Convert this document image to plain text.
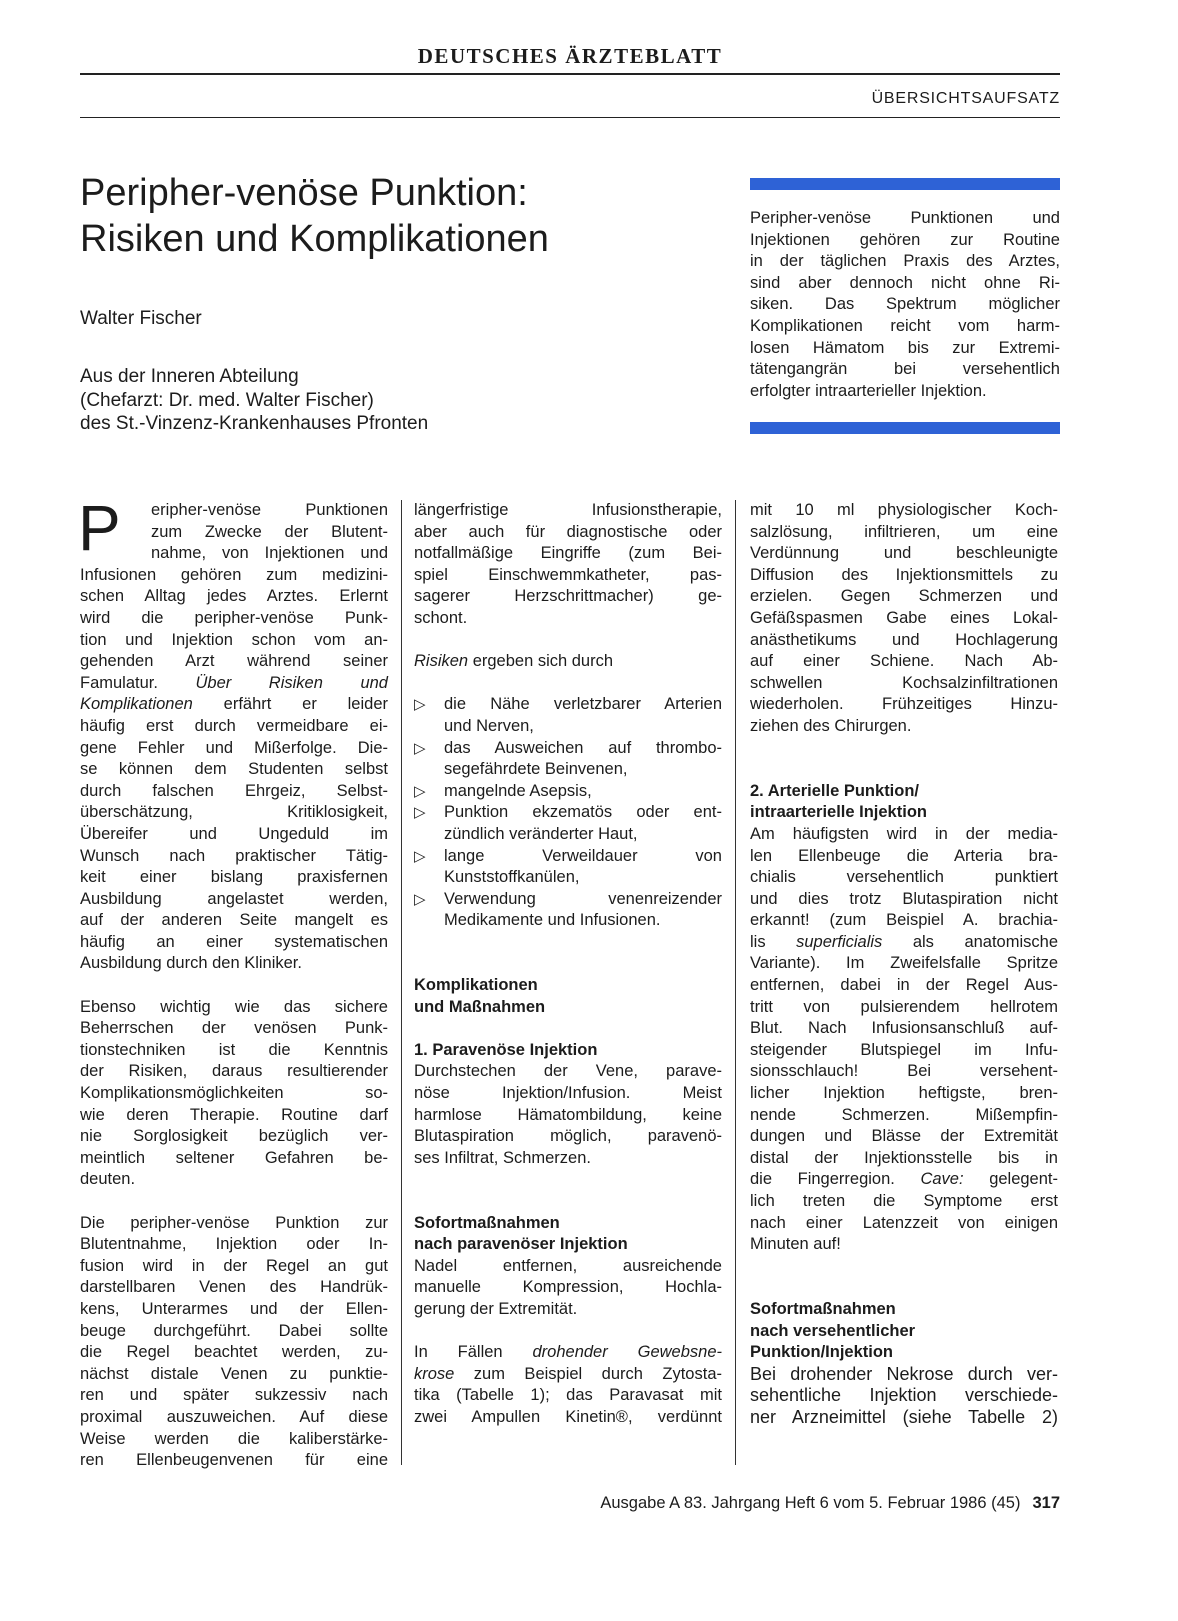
DEUTSCHES ÄRZTEBLATT
ÜBERSICHTSAUFSATZ
Peripher-venöse Punktion:
Risiken und Komplikationen
Walter Fischer
Aus der Inneren Abteilung
(Chefarzt: Dr. med. Walter Fischer)
des St.-Vinzenz-Krankenhauses Pfronten
Peripher-venöse Punktionen und
Injektionen gehören zur Routine
in der täglichen Praxis des Arztes,
sind aber dennoch nicht ohne Ri-
siken. Das Spektrum möglicher
Komplikationen reicht vom harm-
losen Hämatom bis zur Extremi-
tätengangrän bei versehentlich
erfolgter intraarterieller Injektion.
P	eripher-venöse Punktionen
zum Zwecke der Blutent-
nahme, von Injektionen und
Infusionen gehören zum medizini-
schen Alltag jedes Arztes. Erlernt
wird die peripher-venöse Punk-
tion und Injektion schon vom an-
gehenden Arzt während seiner
Famulatur. Über Risiken und
Komplikationen erfährt er leider
häufig erst durch vermeidbare ei-
gene Fehler und Mißerfolge. Die-
se können dem Studenten selbst
durch falschen Ehrgeiz, Selbst-
überschätzung, Kritiklosigkeit,
Übereifer und Ungeduld im
Wunsch nach praktischer Tätig-
keit einer bislang praxisfernen
Ausbildung angelastet werden,
auf der anderen Seite mangelt es
häufig an einer systematischen
Ausbildung durch den Kliniker.
Ebenso wichtig wie das sichere
Beherrschen der venösen Punk-
tionstechniken ist die Kenntnis
der Risiken, daraus resultierender
Komplikationsmöglichkeiten so-
wie deren Therapie. Routine darf
nie Sorglosigkeit bezüglich ver-
meintlich seltener Gefahren be-
deuten.
Die peripher-venöse Punktion zur
Blutentnahme, Injektion oder In-
fusion wird in der Regel an gut
darstellbaren Venen des Handrük-
kens, Unterarmes und der Ellen-
beuge durchgeführt. Dabei sollte
die Regel beachtet werden, zu-
nächst distale Venen zu punktie-
ren und später sukzessiv nach
proximal auszuweichen. Auf diese
Weise werden die kaliberstärke-
ren Ellenbeugenvenen für eine
längerfristige Infusionstherapie,
aber auch für diagnostische oder
notfallmäßige Eingriffe (zum Bei-
spiel Einschwemmkatheter, pas-
sagerer Herzschrittmacher) ge-
schont.
Risiken ergeben sich durch
▷ die Nähe verletzbarer Arterien
und Nerven,
▷ das Ausweichen auf thrombo-
segefährdete Beinvenen,
▷ mangelnde Asepsis,
▷ Punktion ekzematös oder ent-
zündlich veränderter Haut,
▷ lange Verweildauer von
Kunststoffkanülen,
▷ Verwendung venenreizender
Medikamente und Infusionen.
Komplikationen
und Maßnahmen
1. Paravenöse Injektion
Durchstechen der Vene, parave-
nöse Injektion/Infusion. Meist
harmlose Hämatombildung, keine
Blutaspiration möglich, paravenö-
ses Infiltrat, Schmerzen.
Sofortmaßnahmen
nach paravenöser Injektion
Nadel entfernen, ausreichende
manuelle Kompression, Hochla-
gerung der Extremität.
In Fällen drohender Gewebsne-
krose zum Beispiel durch Zytosta-
tika (Tabelle 1); das Paravasat mit
zwei Ampullen Kinetin®, verdünnt
mit 10 ml physiologischer Koch-
salzlösung, infiltrieren, um eine
Verdünnung und beschleunigte
Diffusion des Injektionsmittels zu
erzielen. Gegen Schmerzen und
Gefäßspasmen Gabe eines Lokal-
anästhetikums und Hochlagerung
auf einer Schiene. Nach Ab-
schwellen Kochsalzinfiltrationen
wiederholen. Frühzeitiges Hinzu-
ziehen des Chirurgen.
2. Arterielle Punktion/
intraarterielle Injektion
Am häufigsten wird in der media-
len Ellenbeuge die Arteria bra-
chialis versehentlich punktiert
und dies trotz Blutaspiration nicht
erkannt! (zum Beispiel A. brachia-
lis superficialis als anatomische
Variante). Im Zweifelsfalle Spritze
entfernen, dabei in der Regel Aus-
tritt von pulsierendem hellrotem
Blut. Nach Infusionsanschluß auf-
steigender Blutspiegel im Infu-
sionsschlauch! Bei versehent-
licher Injektion heftigste, bren-
nende Schmerzen. Mißempfin-
dungen und Blässe der Extremität
distal der Injektionsstelle bis in
die Fingerregion. Cave: gelegent-
lich treten die Symptome erst
nach einer Latenzzeit von einigen
Minuten auf!
Sofortmaßnahmen
nach versehentlicher
Punktion/Injektion
Bei drohender Nekrose durch ver-
sehentliche Injektion verschiede-
ner Arzneimittel (siehe Tabelle 2)
Ausgabe A 83. Jahrgang Heft 6 vom 5. Februar 1986 (45) 317
